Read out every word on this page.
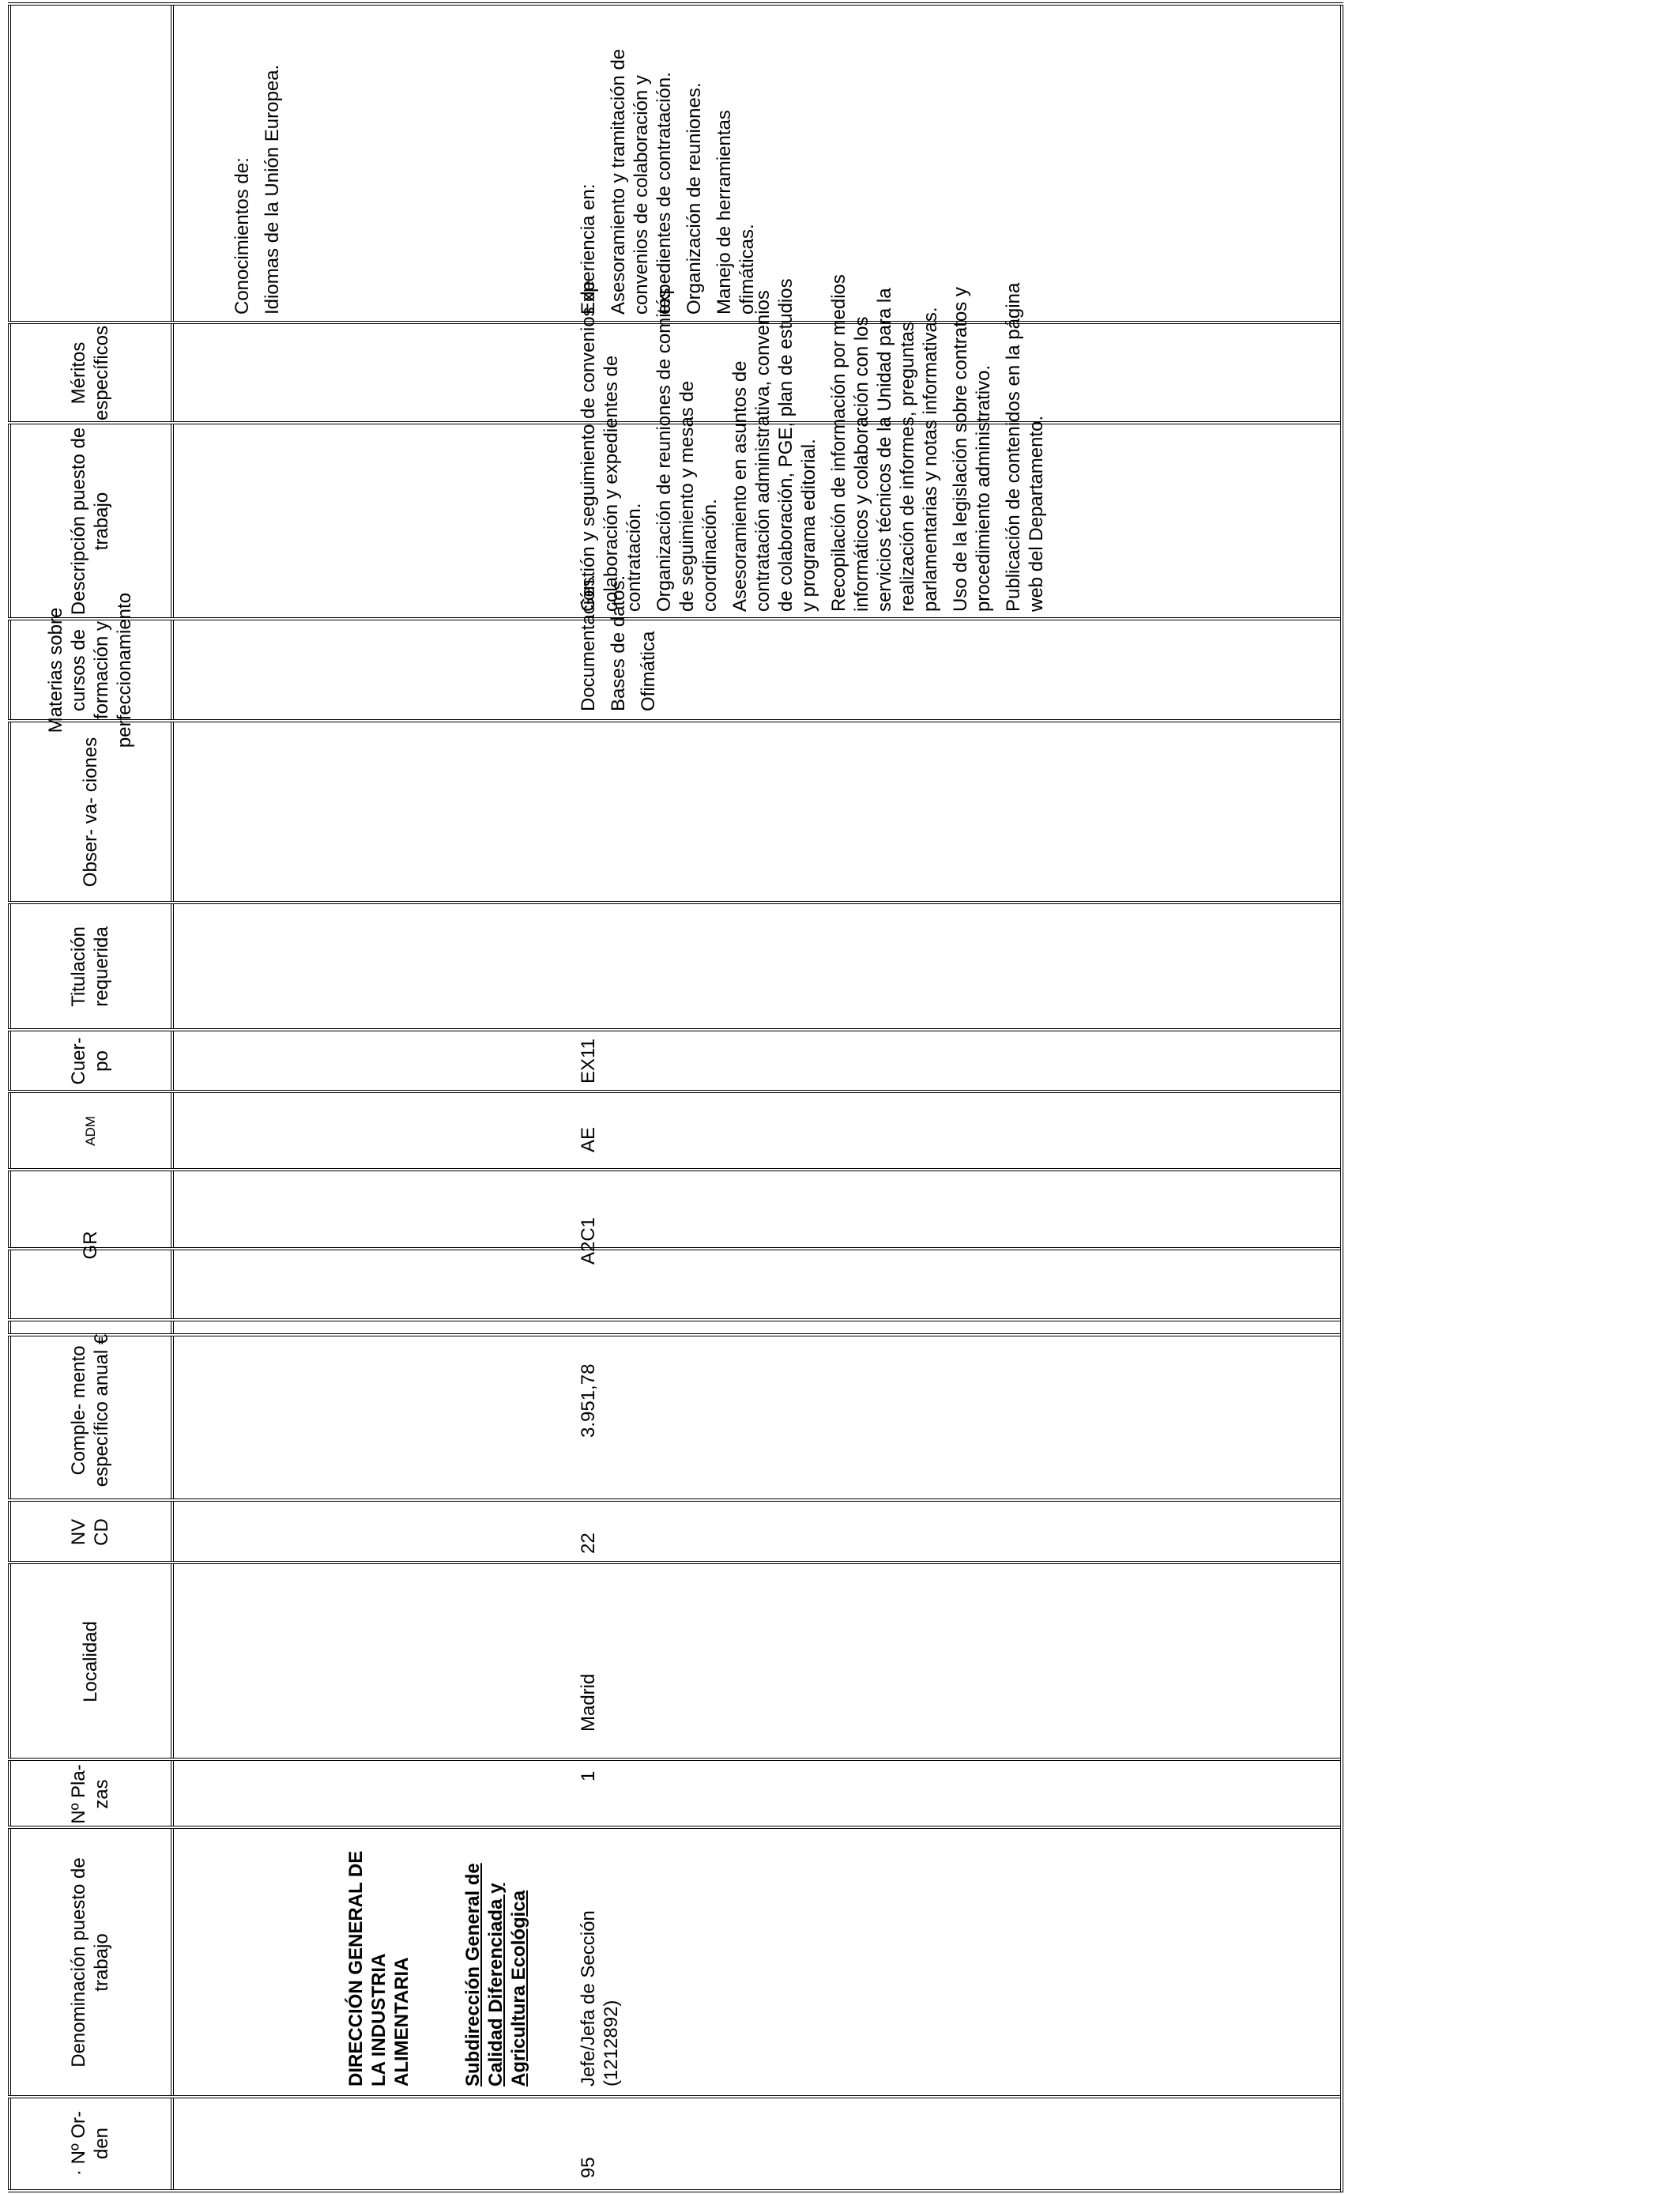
· Nº Or- den
Denominación puesto de trabajo
Nº Pla- zas
Localidad
NV CD
Comple- mento específico anual €
GR
ADM
Cuer- po
Titulación requerida
Obser- va- ciones
Materias sobre cursos de formación y perfeccionamiento
Descripción puesto de trabajo
Méritos específicos
DIRECCIÓN GENERAL DE LA INDUSTRIA ALIMENTARIA	Subdirección General de Calidad Diferenciada y Agricultura Ecológica

Conocimientos de: Idiomas de la Unión Europea.

95
Jefe/Jefa de Sección (1212892)
1
Madrid
22
3.951,78
A2C1
AE
EX11

Documentación. Bases de datos. Ofimática

Gestión y seguimiento de convenios de colaboración y expedientes de contratación. Organización de reuniones de comités de seguimiento y mesas de coordinación. Asesoramiento en asuntos de contratación administrativa, convenios de colaboración, PGE, plan de estudios y programa editorial. Recopilación de información por medios informáticos y colaboración con los servicios técnicos de la Unidad para la realización de informes, preguntas parlamentarias y notas informativas. Uso de la legislación sobre contratos y procedimiento administrativo. Publicación de contenidos en la página web del Departamento.

Experiencia en: Asesoramiento y tramitación de convenios de colaboración y expedientes de contratación. Organización de reuniones. Manejo de herramientas ofimáticas.
